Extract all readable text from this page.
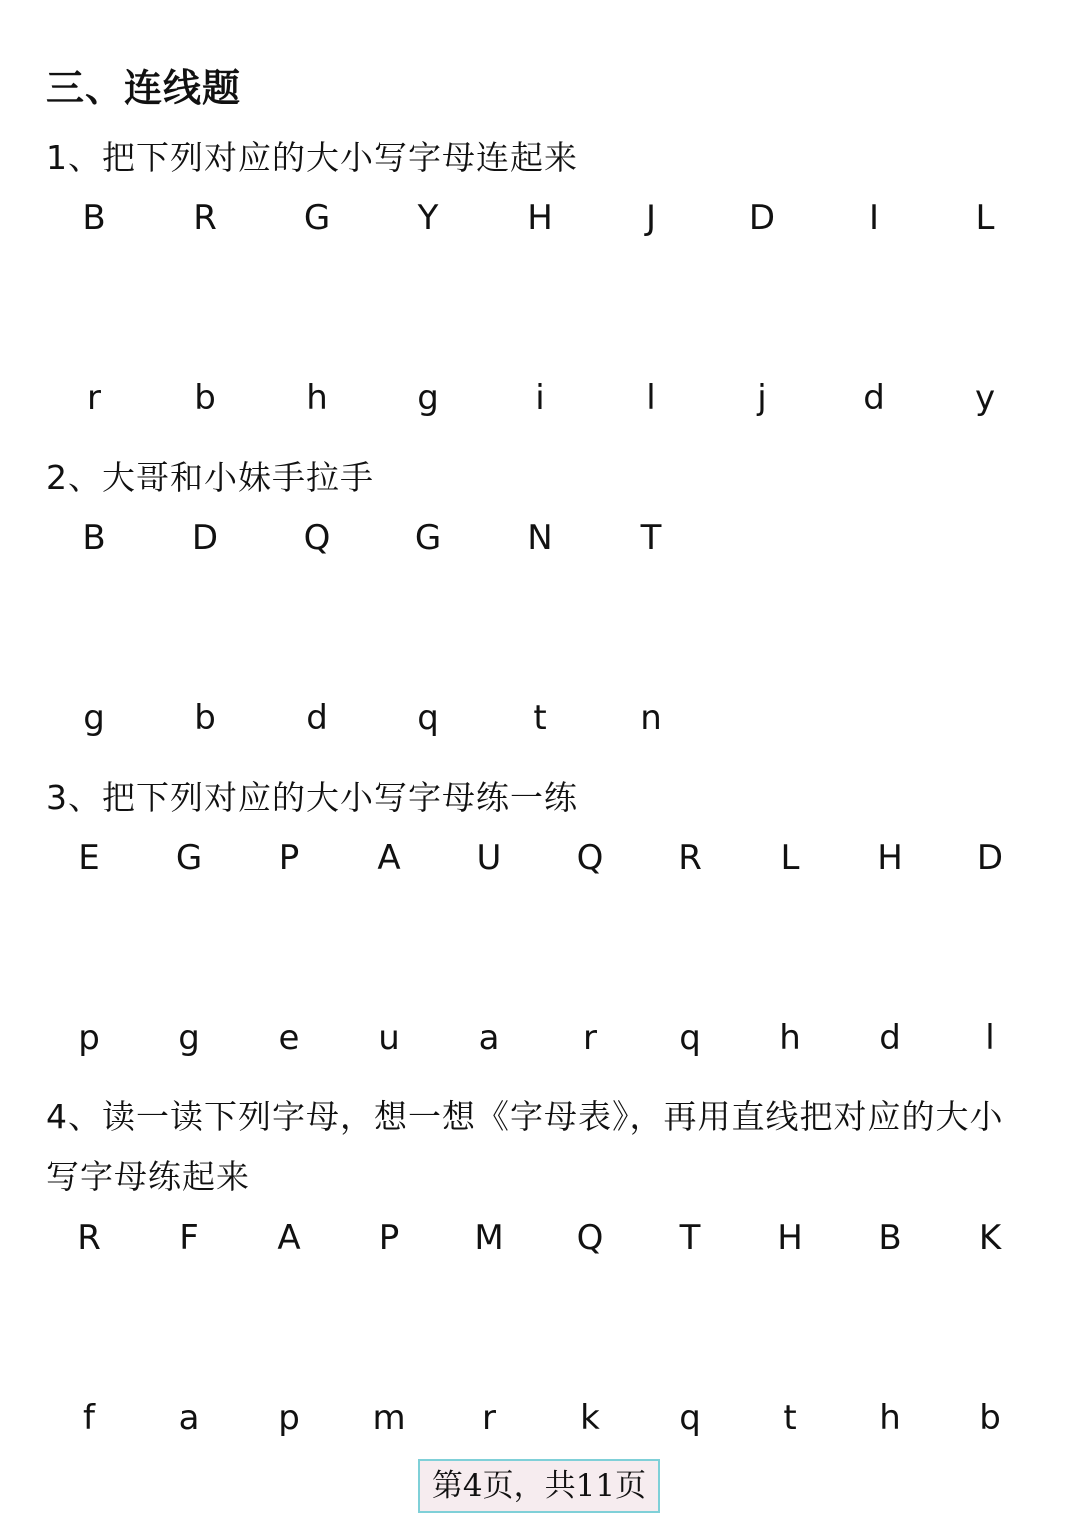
三、连线题
1、把下列对应的大小写字母连起来
B	R	G	Y	H	J	D	I	L
r	b	h	g	i	l	j	d	y
2、大哥和小妹手拉手
B	D	Q	G	N	T
g	b	d	q	t	n
3、把下列对应的大小写字母练一练
E	G	P	A	U	Q	R	L	H	D
p	g	e	u	a	r	q	h	d	l
4、读一读下列字母，想一想《字母表》，再用直线把对应的大小写字母练起来
R	F	A	P	M	Q	T	H	B	K
f	a	p	m	r	k	q	t	h	b
第4页，共11页
